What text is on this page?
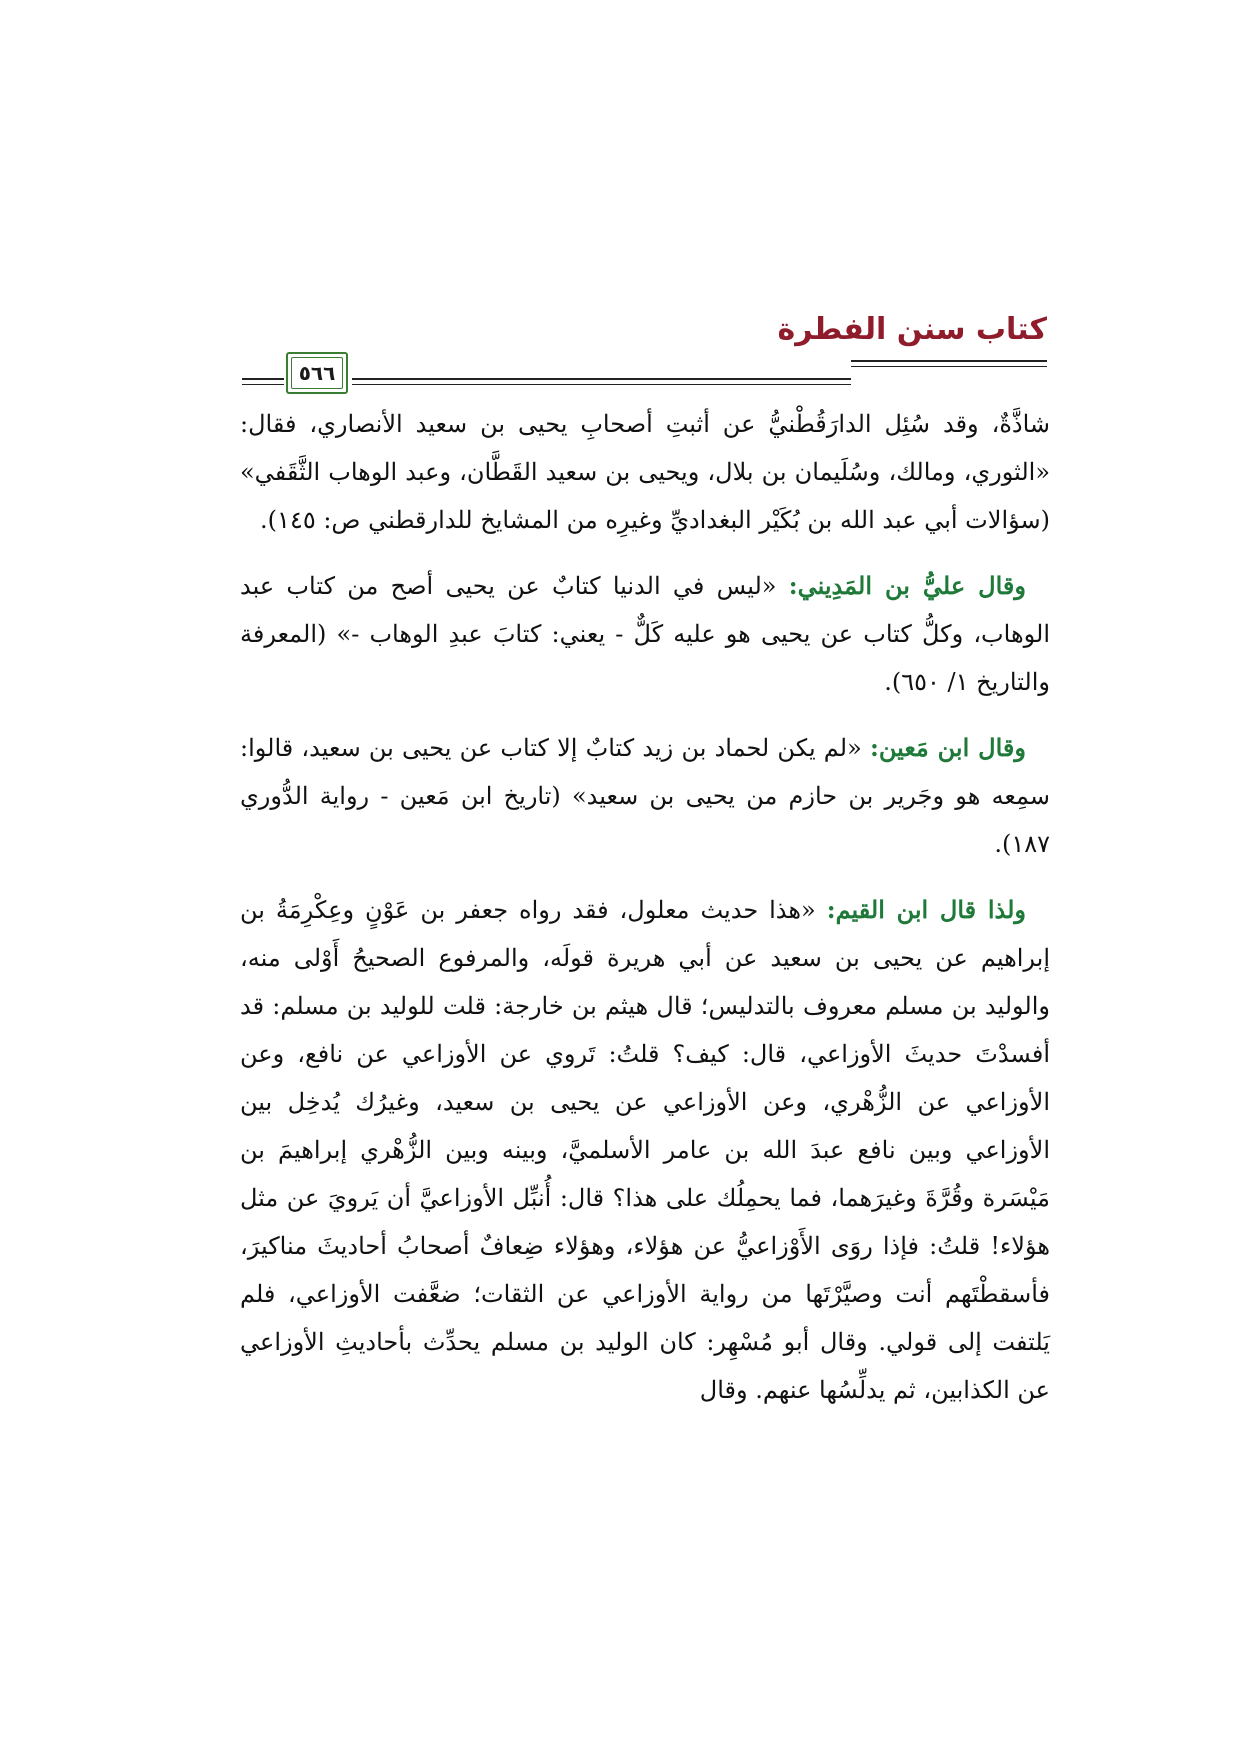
كتاب سنن الفطرة
٥٦٦

شاذَّةٌ، وقد سُئِل الدارَقُطْنيُّ عن أثبتِ أصحابِ يحيى بن سعيد الأنصاري، فقال: «الثوري، ومالك، وسُلَيمان بن بلال، ويحيى بن سعيد القَطَّان، وعبد الوهاب الثَّقَفي» (سؤالات أبي عبد الله بن بُكَيْر البغداديِّ وغيرِه من المشايخ للدارقطني ص: ١٤٥).

وقال عليُّ بن المَدِيني: «ليس في الدنيا كتابٌ عن يحيى أصح من كتاب عبد الوهاب، وكلُّ كتاب عن يحيى هو عليه كَلٌّ - يعني: كتابَ عبدِ الوهاب -» (المعرفة والتاريخ ١/ ٦٥٠).

وقال ابن مَعين: «لم يكن لحماد بن زيد كتابٌ إلا كتاب عن يحيى بن سعيد، قالوا: سمِعه هو وجَرير بن حازم من يحيى بن سعيد» (تاريخ ابن مَعين - رواية الدُّوري ١٨٧).

ولذا قال ابن القيم: «هذا حديث معلول، فقد رواه جعفر بن عَوْنٍ وعِكْرِمَةُ بن إبراهيم عن يحيى بن سعيد عن أبي هريرة قولَه، والمرفوع الصحيحُ أَوْلى منه، والوليد بن مسلم معروف بالتدليس؛ قال هيثم بن خارجة: قلت للوليد بن مسلم: قد أفسدْتَ حديثَ الأوزاعي، قال: كيف؟ قلتُ: تَروي عن الأوزاعي عن نافع، وعن الأوزاعي عن الزُّهْري، وعن الأوزاعي عن يحيى بن سعيد، وغيرُك يُدخِل بين الأوزاعي وبين نافع عبدَ الله بن عامر الأسلميَّ، وبينه وبين الزُّهْري إبراهيمَ بن مَيْسَرة وقُرَّةَ وغيرَهما، فما يحمِلُك على هذا؟ قال: أُنبِّل الأوزاعيَّ أن يَرويَ عن مثل هؤلاء! قلتُ: فإذا روَى الأَوْزاعيُّ عن هؤلاء، وهؤلاء ضِعافٌ أصحابُ أحاديثَ مناكيرَ، فأسقطْتَهم أنت وصيَّرْتَها من رواية الأوزاعي عن الثقات؛ ضعَّفت الأوزاعي، فلم يَلتفت إلى قولي. وقال أبو مُسْهِر: كان الوليد بن مسلم يحدِّث بأحاديثِ الأوزاعي عن الكذابين، ثم يدلِّسُها عنهم. وقال
